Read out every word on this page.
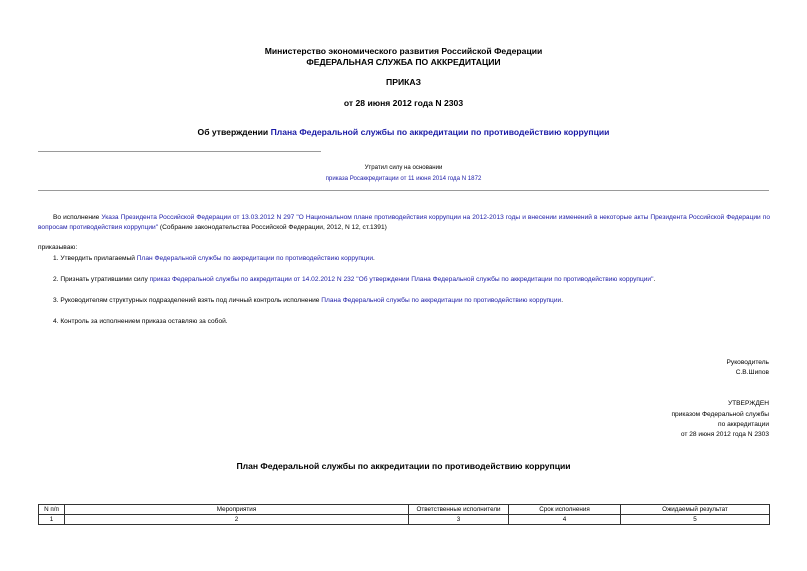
Министерство экономического развития Российской Федерации
ФЕДЕРАЛЬНАЯ СЛУЖБА ПО АККРЕДИТАЦИИ
ПРИКАЗ
от 28 июня 2012 года N 2303
Об утверждении Плана Федеральной службы по аккредитации по противодействию коррупции
Утратил силу на основании
приказа Росаккредитации от 11 июня 2014 года N 1872
Во исполнение Указа Президента Российской Федерации от 13.03.2012 N 297 "О Национальном плане противодействия коррупции на 2012-2013 годы и внесении изменений в некоторые акты Президента Российской Федерации по вопросам противодействия коррупции" (Собрание законодательства Российской Федерации, 2012, N 12, ст.1391)
приказываю:
1. Утвердить прилагаемый План Федеральной службы по аккредитации по противодействию коррупции.
2. Признать утратившими силу приказ Федеральной службы по аккредитации от 14.02.2012 N 232 "Об утверждении Плана Федеральной службы по аккредитации по противодействию коррупции".
3. Руководителям структурных подразделений взять под личный контроль исполнение Плана Федеральной службы по аккредитации по противодействию коррупции.
4. Контроль за исполнением приказа оставляю за собой.
Руководитель
С.В.Шипов
УТВЕРЖДЕН
приказом Федеральной службы
по аккредитации
от 28 июня 2012 года N 2303
План Федеральной службы по аккредитации по противодействию коррупции
N п/п	Мероприятия	Ответственные исполнители	Срок исполнения	Ожидаемый результат
1	2	3	4	5
